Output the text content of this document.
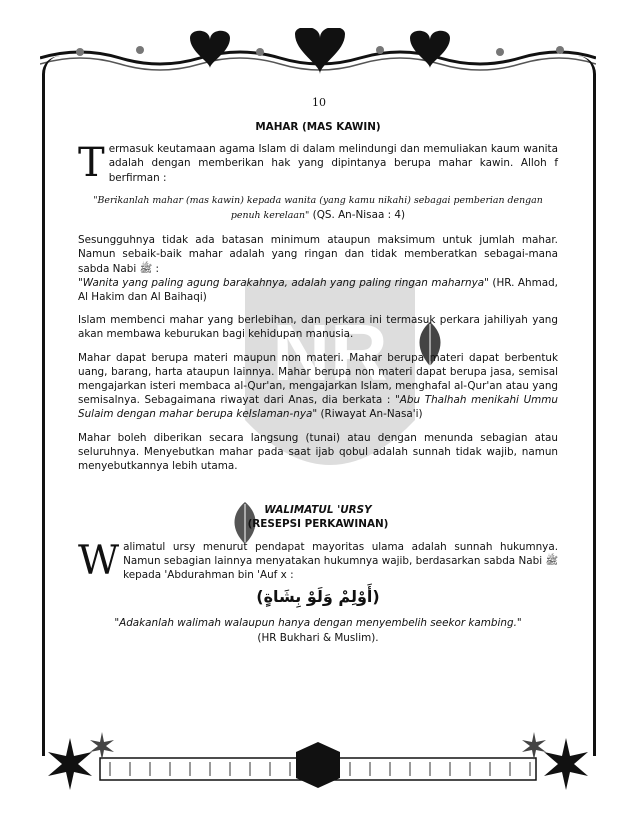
NR
10
MAHAR (MAS KAWIN)
T ermasuk keutamaan agama Islam di dalam melindungi dan memuliakan kaum wanita adalah dengan memberikan hak yang dipintanya berupa mahar kawin. Alloh f berfirman :
"Berikanlah mahar (mas kawin) kepada wanita (yang kamu nikahi) sebagai pemberian dengan penuh kerelaan" (QS. An-Nisaa : 4)

Sesungguhnya tidak ada batasan minimum ataupun maksimum untuk jumlah mahar. Namun sebaik-baik mahar adalah yang ringan dan tidak memberatkan sebagai-mana sabda Nabi ﷺ :
"Wanita yang paling agung barakahnya, adalah yang paling ringan maharnya" (HR. Ahmad, Al Hakim dan Al Baihaqi)

Islam membenci mahar yang berlebihan, dan perkara ini termasuk perkara jahiliyah yang akan membawa keburukan bagi kehidupan manusia.

Mahar dapat berupa materi maupun non materi. Mahar berupa materi dapat berbentuk uang, barang, harta ataupun lainnya. Mahar berupa non materi dapat berupa jasa, semisal mengajarkan isteri membaca al-Qur'an, mengajarkan Islam, menghafal al-Qur'an atau yang semisalnya. Sebagaimana riwayat dari Anas, dia berkata : "Abu Thalhah menikahi Ummu Sulaim dengan mahar berupa keIslaman-nya" (Riwayat An-Nasa'i)

Mahar boleh diberikan secara langsung (tunai) atau dengan menunda sebagian atau seluruhnya. Menyebutkan mahar pada saat ijab qobul adalah sunnah tidak wajib, namun menyebutkannya lebih utama.

WALIMATUL 'URSY
(RESEPSI PERKAWINAN)
W alimatul ursy menurut pendapat mayoritas ulama adalah sunnah hukumnya. Namun sebagian lainnya menyatakan hukumnya wajib, berdasarkan sabda Nabi ﷺ kepada 'Abdurahman bin 'Auf x :
(أَوْلِمْ وَلَوْ بِشَاةٍ)
"Adakanlah walimah walaupun hanya dengan menyembelih seekor kambing."
(HR Bukhari & Muslim).
